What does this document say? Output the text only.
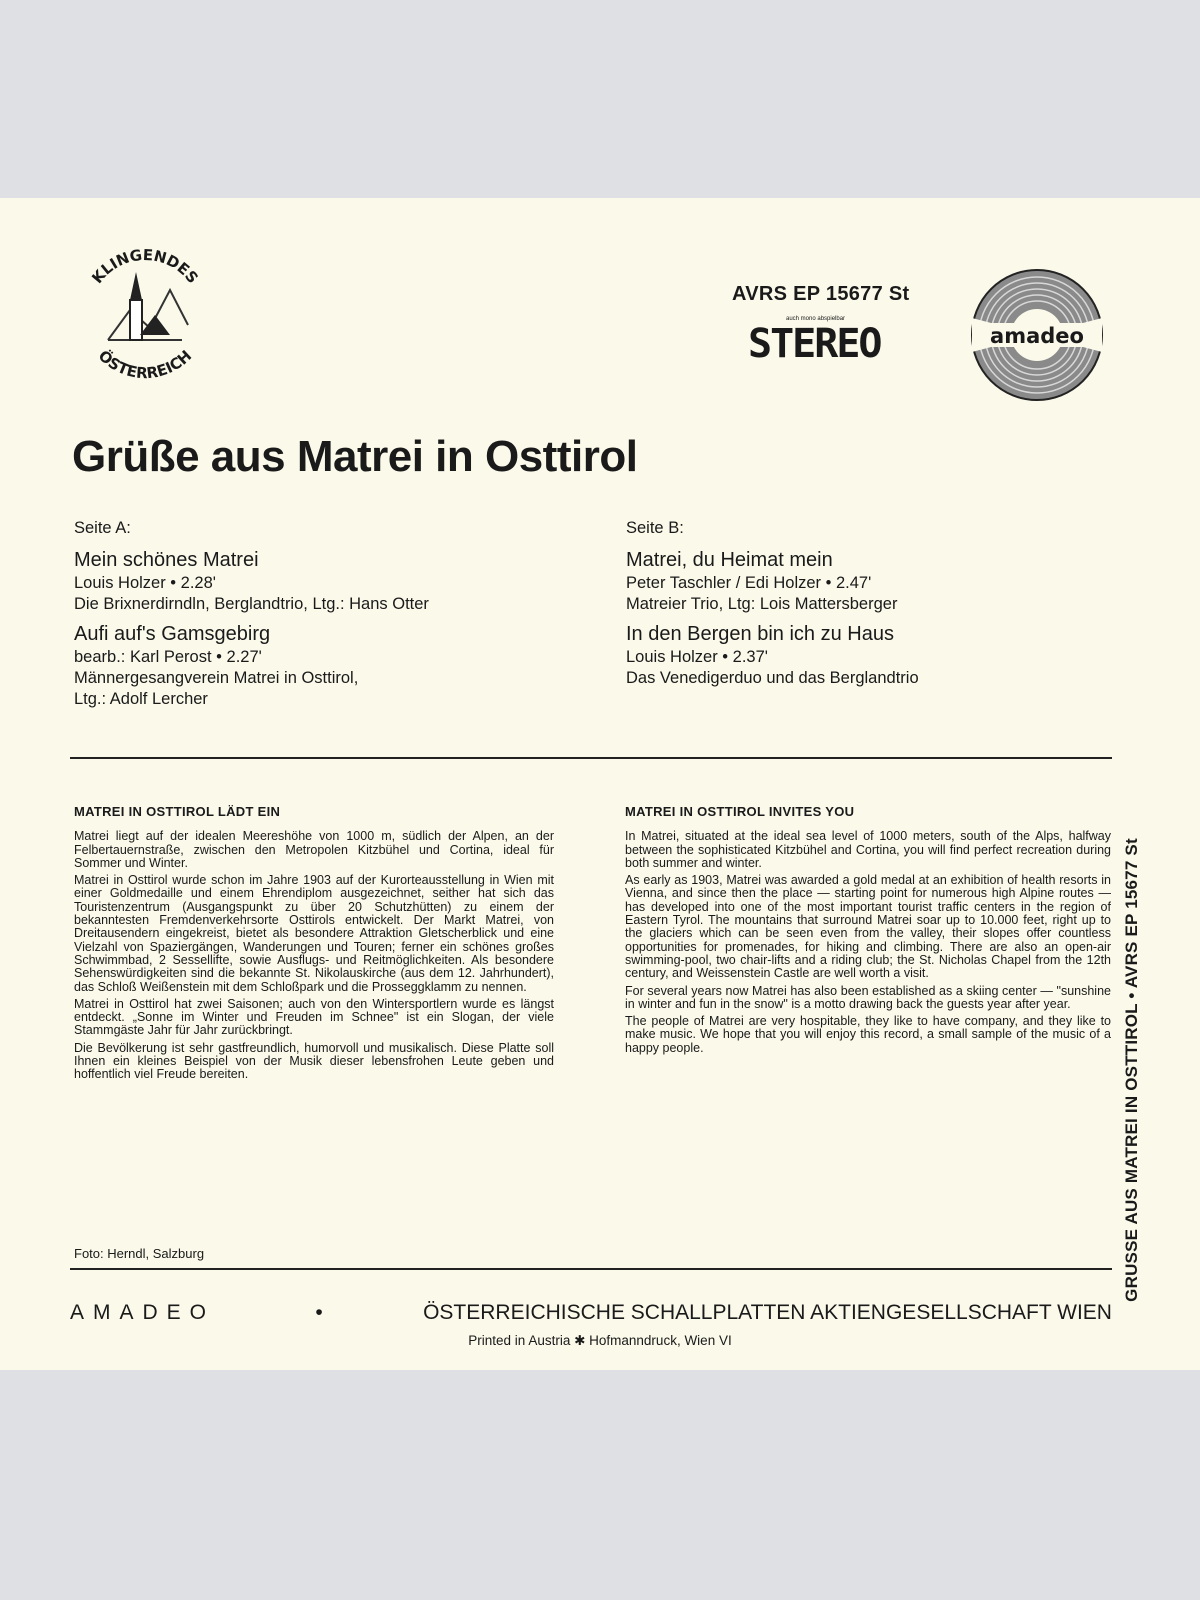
KLINGENDES
ÖSTERREICH
AVRS EP 15677 St
auch mono abspielbar
STEREO	amadeo
Grüße aus Matrei in Osttirol
Seite A:
Mein schönes Matrei
Louis Holzer • 2.28'
Die Brixnerdirndln, Berglandtrio, Ltg.: Hans Otter
Aufi auf's Gamsgebirg
bearb.: Karl Perost • 2.27'
Männergesangverein Matrei in Osttirol,
Ltg.: Adolf Lercher
Seite B:
Matrei, du Heimat mein
Peter Taschler / Edi Holzer • 2.47'
Matreier Trio, Ltg: Lois Mattersberger
In den Bergen bin ich zu Haus
Louis Holzer • 2.37'
Das Venedigerduo und das Berglandtrio
MATREI IN OSTTIROL LÄDT EIN

Matrei liegt auf der idealen Meereshöhe von 1000 m, südlich der Alpen, an der Felbertauernstraße, zwischen den Metropolen Kitzbühel und Cortina, ideal für Sommer und Winter.

Matrei in Osttirol wurde schon im Jahre 1903 auf der Kurorteausstellung in Wien mit einer Goldmedaille und einem Ehrendiplom ausgezeichnet, seither hat sich das Touristenzentrum (Ausgangspunkt zu über 20 Schutzhütten) zu einem der bekanntesten Fremdenverkehrsorte Osttirols entwickelt. Der Markt Matrei, von Dreitausendern eingekreist, bietet als besondere Attraktion Gletscherblick und eine Vielzahl von Spaziergängen, Wanderungen und Touren; ferner ein schönes großes Schwimmbad, 2 Sessellifte, sowie Ausflugs- und Reitmöglichkeiten. Als besondere Sehenswürdigkeiten sind die bekannte St. Nikolauskirche (aus dem 12. Jahrhundert), das Schloß Weißenstein mit dem Schloßpark und die Prosseggklamm zu nennen.

Matrei in Osttirol hat zwei Saisonen; auch von den Wintersportlern wurde es längst entdeckt. „Sonne im Winter und Freuden im Schnee" ist ein Slogan, der viele Stammgäste Jahr für Jahr zurückbringt.

Die Bevölkerung ist sehr gastfreundlich, humorvoll und musikalisch. Diese Platte soll Ihnen ein kleines Beispiel von der Musik dieser lebensfrohen Leute geben und hoffentlich viel Freude bereiten.

MATREI IN OSTTIROL INVITES YOU

In Matrei, situated at the ideal sea level of 1000 meters, south of the Alps, halfway between the sophisticated Kitzbühel and Cortina, you will find perfect recreation during both summer and winter.

As early as 1903, Matrei was awarded a gold medal at an exhibition of health resorts in Vienna, and since then the place — starting point for numerous high Alpine routes — has developed into one of the most important tourist traffic centers in the region of Eastern Tyrol. The mountains that surround Matrei soar up to 10.000 feet, right up to the glaciers which can be seen even from the valley, their slopes offer countless opportunities for promenades, for hiking and climbing. There are also an open-air swimming-pool, two chair-lifts and a riding club; the St. Nicholas Chapel from the 12th century, and Weissenstein Castle are well worth a visit.

For several years now Matrei has also been established as a skiing center — "sunshine in winter and fun in the snow" is a motto drawing back the guests year after year.

The people of Matrei are very hospitable, they like to have company, and they like to make music. We hope that you will enjoy this record, a small sample of the music of a happy people.

Foto: Herndl, Salzburg
AMADEO	•	ÖSTERREICHISCHE SCHALLPLATTEN AKTIENGESELLSCHAFT WIEN
Printed in Austria ✱ Hofmanndruck, Wien VI
GRUSSE AUS MATREI IN OSTTIROL • AVRS EP 15677 St
